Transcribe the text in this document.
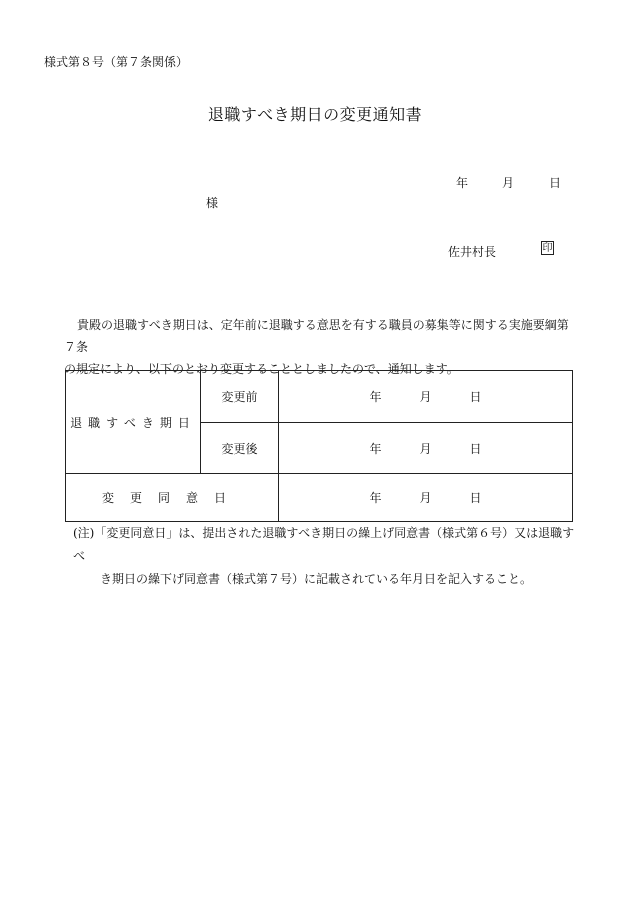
様式第８号（第７条関係）
退職すべき期日の変更通知書
年	月	日
様
佐井村長	印

貴殿の退職すべき期日は、定年前に退職する意思を有する職員の募集等に関する実施要綱第７条

の規定により、以下のとおり変更することとしましたので、通知します。

退職すべき期日	変更前	年 月 日
	変更後	年 月 日
変更同意日		年 月 日

(注)「変更同意日」は、提出された退職すべき期日の繰上げ同意書（様式第６号）又は退職すべ

き期日の繰下げ同意書（様式第７号）に記載されている年月日を記入すること。
